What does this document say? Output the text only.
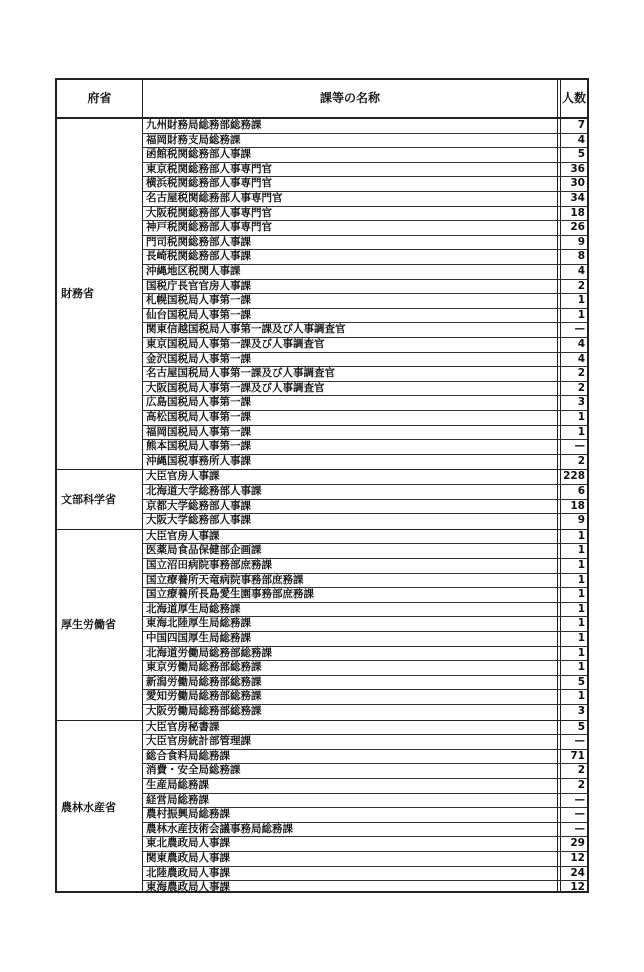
府省	課等の名称	人数
財務省
九州財務局総務部総務課	7
福岡財務支局総務課	4
函館税関総務部人事課	5
東京税関総務部人事専門官	36
横浜税関総務部人事専門官	30
名古屋税関総務部人事専門官	34
大阪税関総務部人事専門官	18
神戸税関総務部人事専門官	26
門司税関総務部人事課	9
長崎税関総務部人事課	8
沖縄地区税関人事課	4
国税庁長官官房人事課	2
札幌国税局人事第一課	1
仙台国税局人事第一課	1
関東信越国税局人事第一課及び人事調査官	—
東京国税局人事第一課及び人事調査官	4
金沢国税局人事第一課	4
名古屋国税局人事第一課及び人事調査官	2
大阪国税局人事第一課及び人事調査官	2
広島国税局人事第一課	3
高松国税局人事第一課	1
福岡国税局人事第一課	1
熊本国税局人事第一課	—
沖縄国税事務所人事課	2
文部科学省
大臣官房人事課	228
北海道大学総務部人事課	6
京都大学総務部人事課	18
大阪大学総務部人事課	9
厚生労働省
大臣官房人事課	1
医薬局食品保健部企画課	1
国立沼田病院事務部庶務課	1
国立療養所天竜病院事務部庶務課	1
国立療養所長島愛生園事務部庶務課	1
北海道厚生局総務課	1
東海北陸厚生局総務課	1
中国四国厚生局総務課	1
北海道労働局総務部総務課	1
東京労働局総務部総務課	1
新潟労働局総務部総務課	5
愛知労働局総務部総務課	1
大阪労働局総務部総務課	3
農林水産省
大臣官房秘書課	5
大臣官房統計部管理課	—
総合食料局総務課	71
消費・安全局総務課	2
生産局総務課	2
経営局総務課	—
農村振興局総務課	—
農林水産技術会議事務局総務課	—
東北農政局人事課	29
関東農政局人事課	12
北陸農政局人事課	24
東海農政局人事課	12
